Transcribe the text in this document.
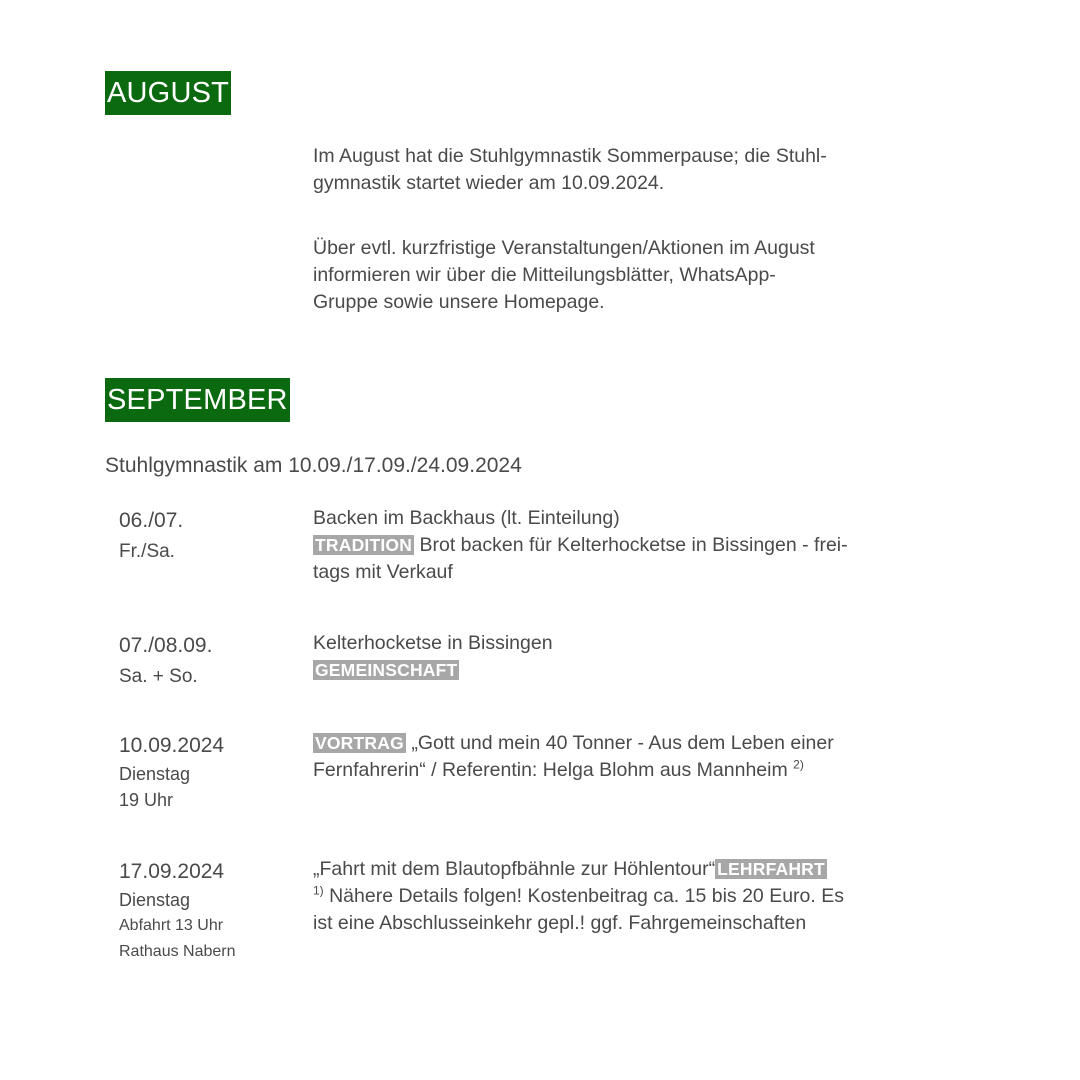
AUGUST
Im August hat die Stuhlgymnastik Sommerpause; die Stuhl-
gymnastik startet wieder am 10.09.2024.
Über evtl. kurzfristige Veranstaltungen/Aktionen im August
informieren wir über die Mitteilungsblätter, WhatsApp-
Gruppe sowie unsere Homepage.
SEPTEMBER
Stuhlgymnastik am 10.09./17.09./24.09.2024
06./07.
Fr./Sa.
Backen im Backhaus (lt. Einteilung)
TRADITION Brot backen für Kelterhocketse in Bissingen - frei-
tags mit Verkauf
07./08.09.
Sa. + So.
Kelterhocketse in Bissingen
GEMEINSCHAFT
10.09.2024
Dienstag
19 Uhr
VORTRAG „Gott und mein 40 Tonner - Aus dem Leben einer
Fernfahrerin“ / Referentin: Helga Blohm aus Mannheim $^{2)}$
17.09.2024
Dienstag
Abfahrt 13 Uhr
Rathaus Nabern
„Fahrt mit dem Blautopfbähnle zur Höhlentour“ LEHRFAHRT
$^{1)}$ Nähere Details folgen! Kostenbeitrag ca. 15 bis 20 Euro. Es
ist eine Abschlusseinkehr gepl.! ggf. Fahrgemeinschaften
